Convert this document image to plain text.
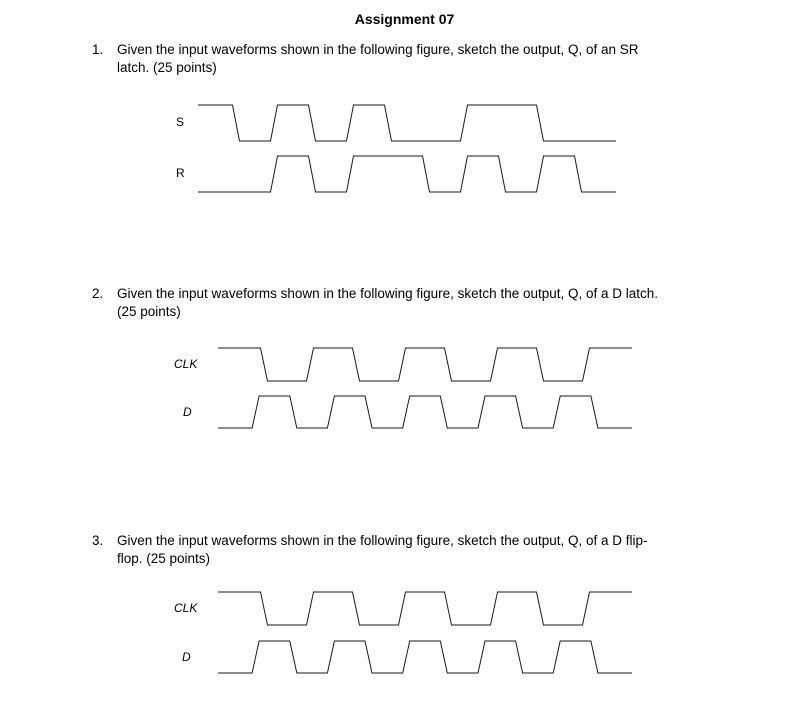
Assignment 07
1. Given the input waveforms shown in the following figure, sketch the output, Q, of an SR
latch. (25 points)
S
R
2. Given the input waveforms shown in the following figure, sketch the output, Q, of a D latch.
(25 points)
CLK
D
3. Given the input waveforms shown in the following figure, sketch the output, Q, of a D flip-
flop. (25 points)
CLK
D
